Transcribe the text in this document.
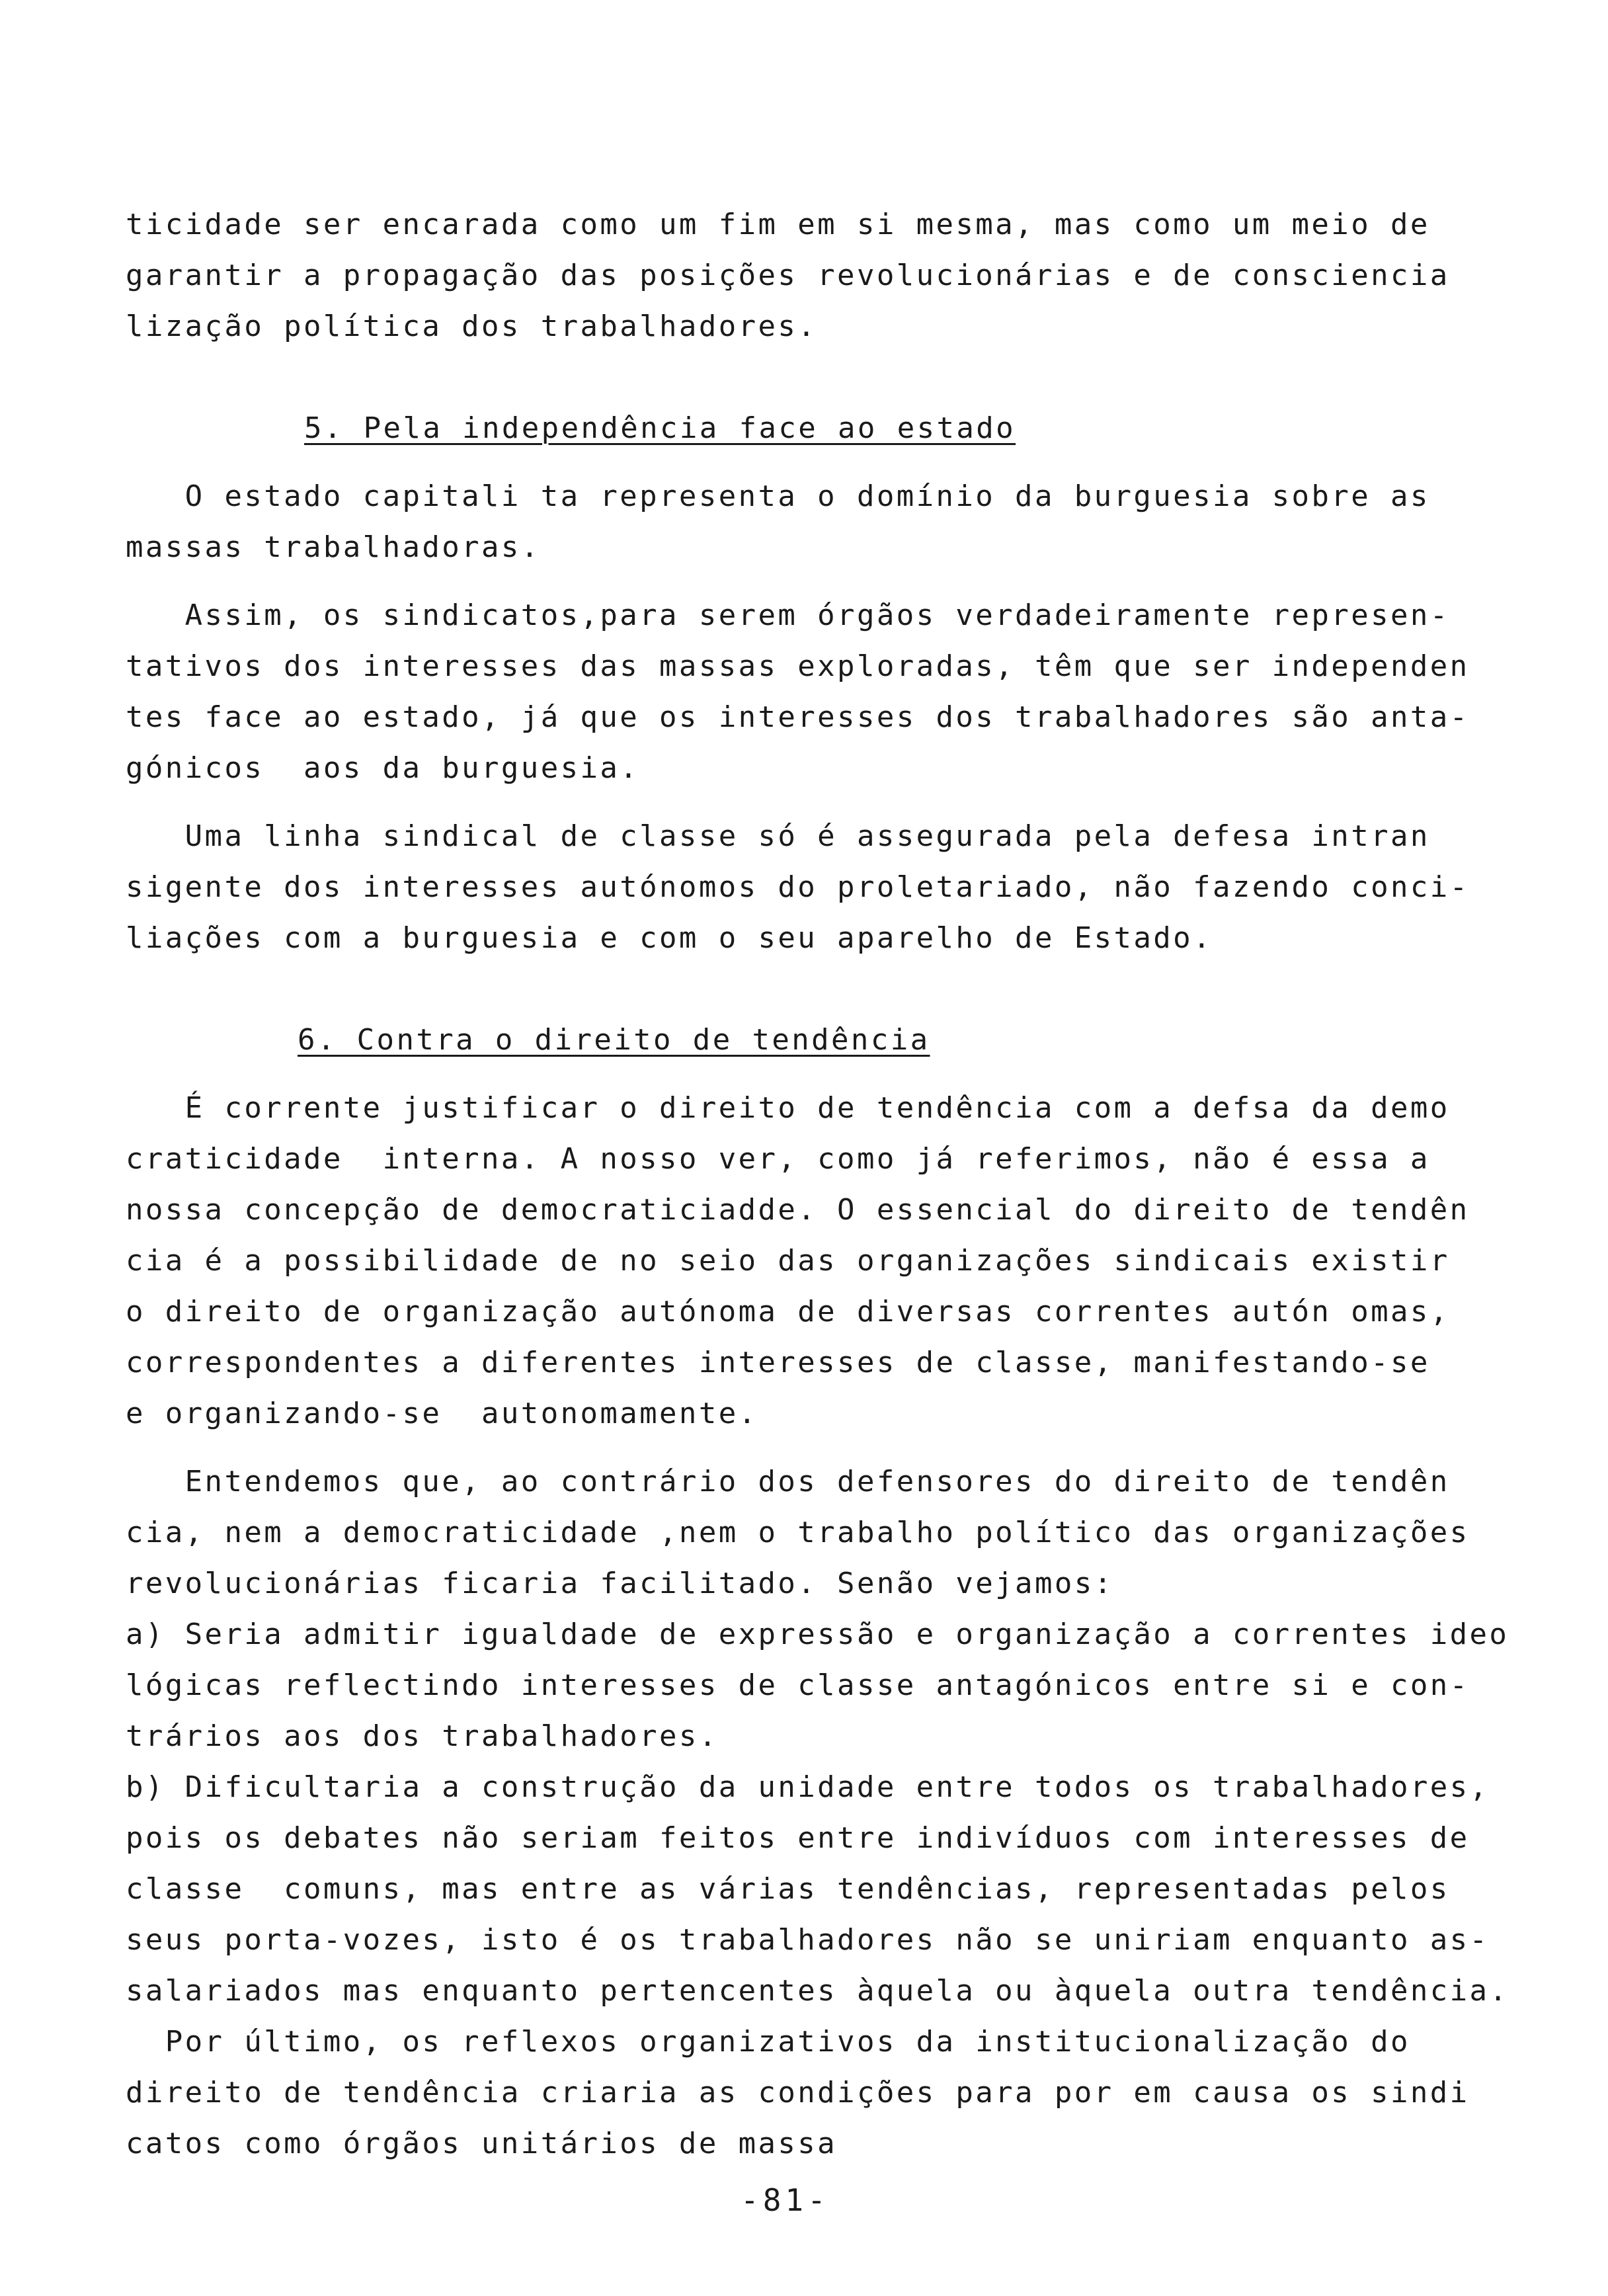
ticidade ser encarada como um fim em si mesma, mas como um meio de
garantir a propagação das posições revolucionárias e de consciencia
lização política dos trabalhadores.
5. Pela independência face ao estado
O estado capitali ta representa o domínio da burguesia sobre as
massas trabalhadoras.
Assim, os sindicatos,para serem órgãos verdadeiramente represen-
tativos dos interesses das massas exploradas, têm que ser independen
tes face ao estado, já que os interesses dos trabalhadores são anta-
gónicos  aos da burguesia.
Uma linha sindical de classe só é assegurada pela defesa intran
sigente dos interesses autónomos do proletariado, não fazendo conci-
liações com a burguesia e com o seu aparelho de Estado.
6. Contra o direito de tendência
É corrente justificar o direito de tendência com a defsa da demo
craticidade  interna. A nosso ver, como já referimos, não é essa a
nossa concepção de democraticiadde. O essencial do direito de tendên
cia é a possibilidade de no seio das organizações sindicais existir
o direito de organização autónoma de diversas correntes autón omas,
correspondentes a diferentes interesses de classe, manifestando-se
e organizando-se  autonomamente.
Entendemos que, ao contrário dos defensores do direito de tendên
cia, nem a democraticidade ,nem o trabalho político das organizações
revolucionárias ficaria facilitado. Senão vejamos:
a) Seria admitir igualdade de expressão e organização a correntes ideo
lógicas reflectindo interesses de classe antagónicos entre si e con-
trários aos dos trabalhadores.
b) Dificultaria a construção da unidade entre todos os trabalhadores,
pois os debates não seriam feitos entre indivíduos com interesses de
classe  comuns, mas entre as várias tendências, representadas pelos
seus porta-vozes, isto é os trabalhadores não se uniriam enquanto as-
salariados mas enquanto pertencentes àquela ou àquela outra tendência.
Por último, os reflexos organizativos da institucionalização do
direito de tendência criaria as condições para por em causa os sindi
catos como órgãos unitários de massa
-81-
